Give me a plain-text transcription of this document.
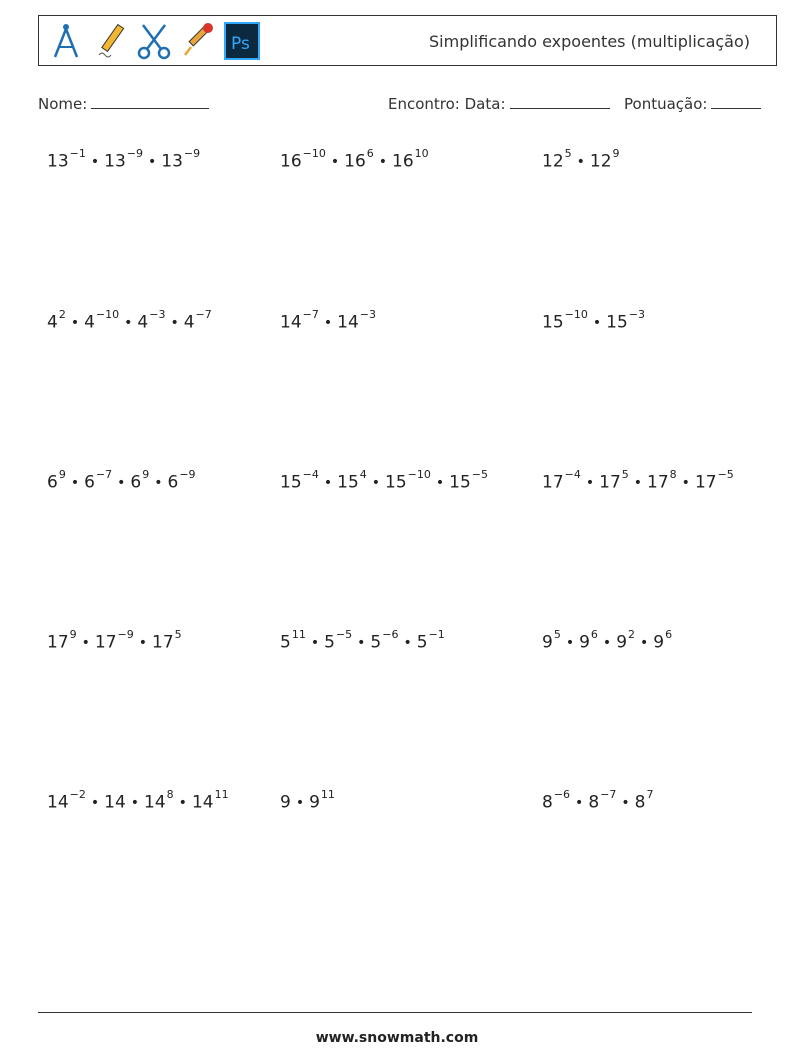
Ps	Simplificando expoentes (multiplicação)
Nome:	Encontro: Data:	Pontuação:
$13^{-1}•$ $13^{-9}•$ $13^{-9}$	$16^{-10}•$ $16^6•$ $16^{10}$	$12^5•$ $12^9$
$4^2•$ $4^{-10}•$ $4^{-3}•$ $4^{-7}$	$14^{-7}•$ $14^{-3}$	$15^{-10}•$ $15^{-3}$
$6^9•$ $6^{-7}•$ $6^9•$ $6^{-9}$	$15^{-4}•$ $15^4•$ $15^{-10}•$ $15^{-5}$	$17^{-4}•$ $17^5•$ $17^8•$ $17^{-5}$
$17^9•$ $17^{-9}•$ $17^5$	$5^{11}•$ $5^{-5}•$ $5^{-6}•$ $5^{-1}$	$9^5•$ $9^6•$ $9^2•$ $9^6$
$14^{-2}•$ 14 • $14^8•$ $14^{11}$	9 • $9^{11}$	$8^{-6}•$ $8^{-7}•$ $8^7$
www.snowmath.com
